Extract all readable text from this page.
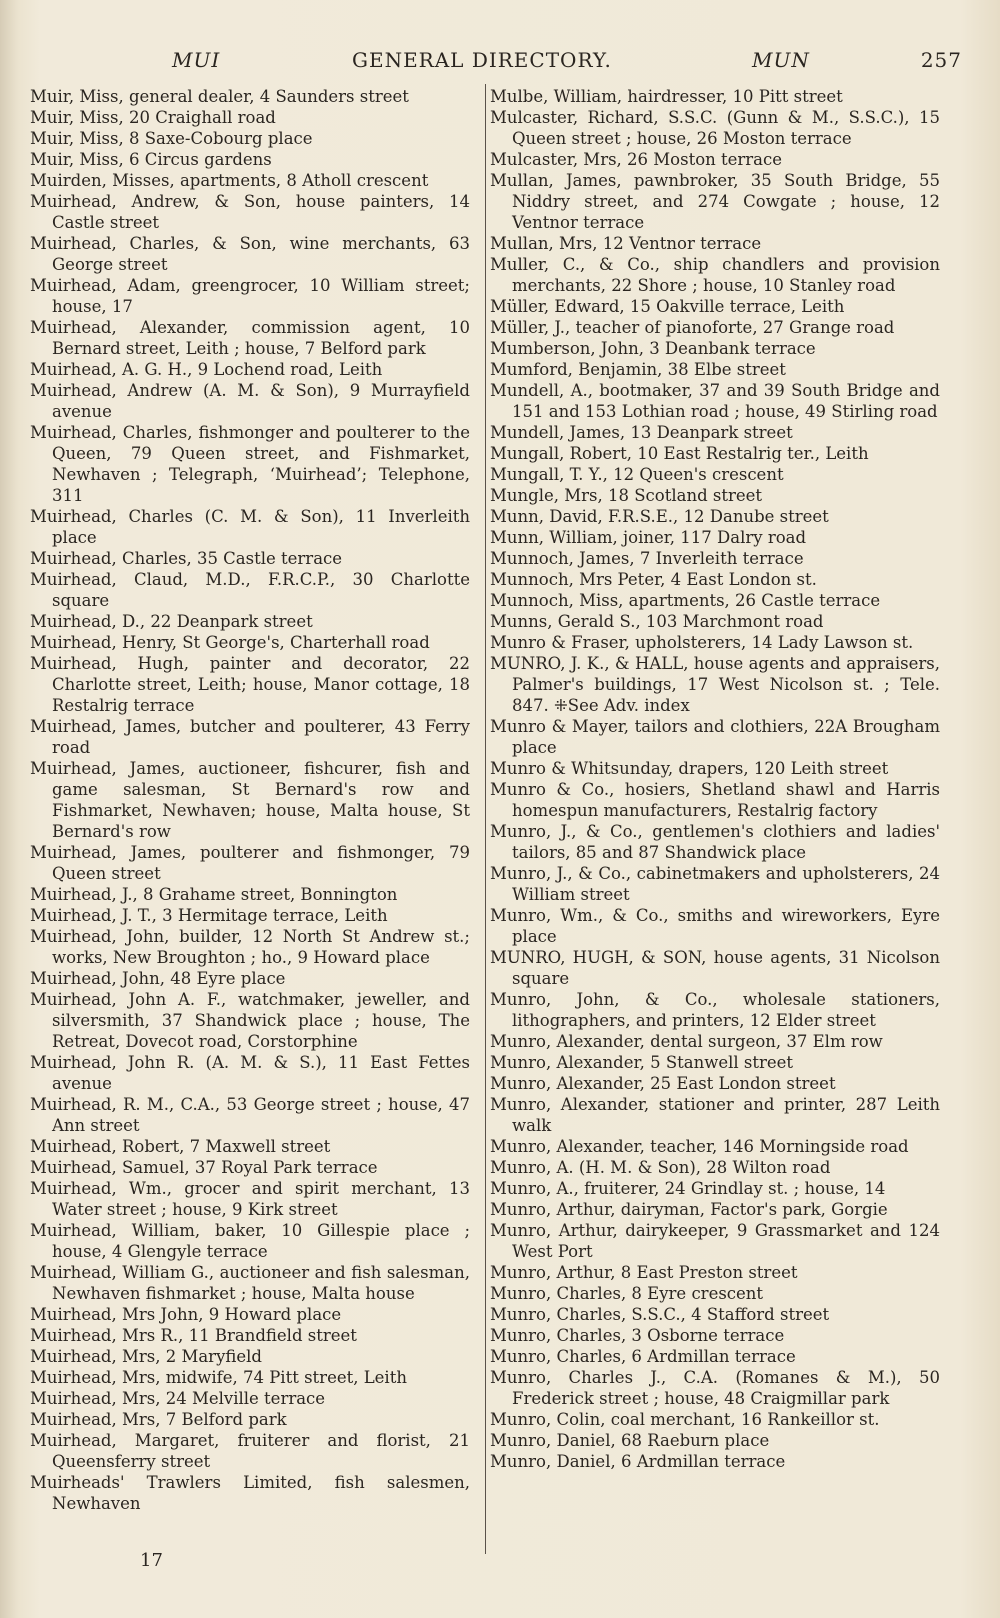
MUI	GENERAL DIRECTORY.	MUN	257

Muir, Miss, general dealer, 4 Saunders street

Muir, Miss, 20 Craighall road

Muir, Miss, 8 Saxe-Cobourg place

Muir, Miss, 6 Circus gardens

Muirden, Misses, apartments, 8 Atholl crescent

Muirhead, Andrew, & Son, house painters, 14 Castle street

Muirhead, Charles, & Son, wine merchants, 63 George street

Muirhead, Adam, greengrocer, 10 William street; house, 17

Muirhead, Alexander, commission agent, 10 Bernard street, Leith ; house, 7 Belford park

Muirhead, A. G. H., 9 Lochend road, Leith

Muirhead, Andrew (A. M. & Son), 9 Murrayfield avenue

Muirhead, Charles, fishmonger and poulterer to the Queen, 79 Queen street, and Fishmarket, Newhaven ; Telegraph, ‘Muirhead’; Telephone, 311

Muirhead, Charles (C. M. & Son), 11 Inverleith place

Muirhead, Charles, 35 Castle terrace

Muirhead, Claud, M.D., F.R.C.P., 30 Charlotte square

Muirhead, D., 22 Deanpark street

Muirhead, Henry, St George's, Charterhall road

Muirhead, Hugh, painter and decorator, 22 Charlotte street, Leith; house, Manor cottage, 18 Restalrig terrace

Muirhead, James, butcher and poulterer, 43 Ferry road

Muirhead, James, auctioneer, fishcurer, fish and game salesman, St Bernard's row and Fishmarket, Newhaven; house, Malta house, St Bernard's row

Muirhead, James, poulterer and fishmonger, 79 Queen street

Muirhead, J., 8 Grahame street, Bonnington

Muirhead, J. T., 3 Hermitage terrace, Leith

Muirhead, John, builder, 12 North St Andrew st.; works, New Broughton ; ho., 9 Howard place

Muirhead, John, 48 Eyre place

Muirhead, John A. F., watchmaker, jeweller, and silversmith, 37 Shandwick place ; house, The Retreat, Dovecot road, Corstorphine

Muirhead, John R. (A. M. & S.), 11 East Fettes avenue

Muirhead, R. M., C.A., 53 George street ; house, 47 Ann street

Muirhead, Robert, 7 Maxwell street

Muirhead, Samuel, 37 Royal Park terrace

Muirhead, Wm., grocer and spirit merchant, 13 Water street ; house, 9 Kirk street

Muirhead, William, baker, 10 Gillespie place ; house, 4 Glengyle terrace

Muirhead, William G., auctioneer and fish salesman, Newhaven fishmarket ; house, Malta house

Muirhead, Mrs John, 9 Howard place

Muirhead, Mrs R., 11 Brandfield street

Muirhead, Mrs, 2 Maryfield

Muirhead, Mrs, midwife, 74 Pitt street, Leith

Muirhead, Mrs, 24 Melville terrace

Muirhead, Mrs, 7 Belford park

Muirhead, Margaret, fruiterer and florist, 21 Queensferry street

Muirheads' Trawlers Limited, fish salesmen, Newhaven

Mulbe, William, hairdresser, 10 Pitt street

Mulcaster, Richard, S.S.C. (Gunn & M., S.S.C.), 15 Queen street ; house, 26 Moston terrace

Mulcaster, Mrs, 26 Moston terrace

Mullan, James, pawnbroker, 35 South Bridge, 55 Niddry street, and 274 Cowgate ; house, 12 Ventnor terrace

Mullan, Mrs, 12 Ventnor terrace

Muller, C., & Co., ship chandlers and provision merchants, 22 Shore ; house, 10 Stanley road

Müller, Edward, 15 Oakville terrace, Leith

Müller, J., teacher of pianoforte, 27 Grange road

Mumberson, John, 3 Deanbank terrace

Mumford, Benjamin, 38 Elbe street

Mundell, A., bootmaker, 37 and 39 South Bridge and 151 and 153 Lothian road ; house, 49 Stirling road

Mundell, James, 13 Deanpark street

Mungall, Robert, 10 East Restalrig ter., Leith

Mungall, T. Y., 12 Queen's crescent

Mungle, Mrs, 18 Scotland street

Munn, David, F.R.S.E., 12 Danube street

Munn, William, joiner, 117 Dalry road

Munnoch, James, 7 Inverleith terrace

Munnoch, Mrs Peter, 4 East London st.

Munnoch, Miss, apartments, 26 Castle terrace

Munns, Gerald S., 103 Marchmont road

Munro & Fraser, upholsterers, 14 Lady Lawson st.

MUNRO, J. K., & HALL, house agents and appraisers, Palmer's buildings, 17 West Nicolson st. ; Tele. 847. ⁜See Adv. index

Munro & Mayer, tailors and clothiers, 22A Brougham place

Munro & Whitsunday, drapers, 120 Leith street

Munro & Co., hosiers, Shetland shawl and Harris homespun manufacturers, Restalrig factory

Munro, J., & Co., gentlemen's clothiers and ladies' tailors, 85 and 87 Shandwick place

Munro, J., & Co., cabinetmakers and upholsterers, 24 William street

Munro, Wm., & Co., smiths and wireworkers, Eyre place

MUNRO, HUGH, & SON, house agents, 31 Nicolson square

Munro, John, & Co., wholesale stationers, lithographers, and printers, 12 Elder street

Munro, Alexander, dental surgeon, 37 Elm row

Munro, Alexander, 5 Stanwell street

Munro, Alexander, 25 East London street

Munro, Alexander, stationer and printer, 287 Leith walk

Munro, Alexander, teacher, 146 Morningside road

Munro, A. (H. M. & Son), 28 Wilton road

Munro, A., fruiterer, 24 Grindlay st. ; house, 14

Munro, Arthur, dairyman, Factor's park, Gorgie

Munro, Arthur, dairykeeper, 9 Grassmarket and 124 West Port

Munro, Arthur, 8 East Preston street

Munro, Charles, 8 Eyre crescent

Munro, Charles, S.S.C., 4 Stafford street

Munro, Charles, 3 Osborne terrace

Munro, Charles, 6 Ardmillan terrace

Munro, Charles J., C.A. (Romanes & M.), 50 Frederick street ; house, 48 Craigmillar park

Munro, Colin, coal merchant, 16 Rankeillor st.

Munro, Daniel, 68 Raeburn place

Munro, Daniel, 6 Ardmillan terrace

17
